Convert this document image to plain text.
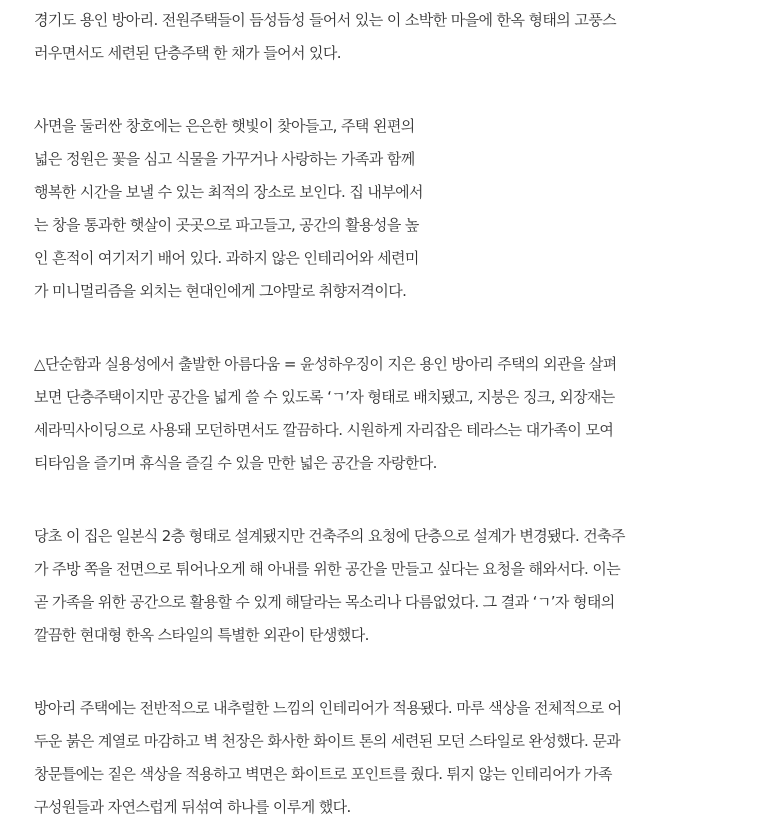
경기도 용인 방아리. 전원주택들이 듬성듬성 들어서 있는 이 소박한 마을에 한옥 형태의 고풍스
러우면서도 세련된 단층주택 한 채가 들어서 있다.
사면을 둘러싼 창호에는 은은한 햇빛이 찾아들고, 주택 왼편의
넓은 정원은 꽃을 심고 식물을 가꾸거나 사랑하는 가족과 함께
행복한 시간을 보낼 수 있는 최적의 장소로 보인다. 집 내부에서
는 창을 통과한 햇살이 곳곳으로 파고들고, 공간의 활용성을 높
인 흔적이 여기저기 배어 있다. 과하지 않은 인테리어와 세련미
가 미니멀리즘을 외치는 현대인에게 그야말로 취향저격이다.
△단순함과 실용성에서 출발한 아름다움 = 윤성하우징이 지은 용인 방아리 주택의 외관을 살펴
보면 단층주택이지만 공간을 넓게 쓸 수 있도록 ‘ㄱ’자 형태로 배치됐고, 지붕은 징크, 외장재는
세라믹사이딩으로 사용돼 모던하면서도 깔끔하다. 시원하게 자리잡은 테라스는 대가족이 모여
티타임을 즐기며 휴식을 즐길 수 있을 만한 넓은 공간을 자랑한다.
당초 이 집은 일본식 2층 형태로 설계됐지만 건축주의 요청에 단층으로 설계가 변경됐다. 건축주
가 주방 쪽을 전면으로 튀어나오게 해 아내를 위한 공간을 만들고 싶다는 요청을 해와서다. 이는
곧 가족을 위한 공간으로 활용할 수 있게 해달라는 목소리나 다름없었다. 그 결과 ‘ㄱ’자 형태의
깔끔한 현대형 한옥 스타일의 특별한 외관이 탄생했다.
방아리 주택에는 전반적으로 내추럴한 느낌의 인테리어가 적용됐다. 마루 색상을 전체적으로 어
두운 붉은 계열로 마감하고 벽 천장은 화사한 화이트 톤의 세련된 모던 스타일로 완성했다. 문과
창문틀에는 짙은 색상을 적용하고 벽면은 화이트로 포인트를 줬다. 튀지 않는 인테리어가 가족
구성원들과 자연스럽게 뒤섞여 하나를 이루게 했다.
